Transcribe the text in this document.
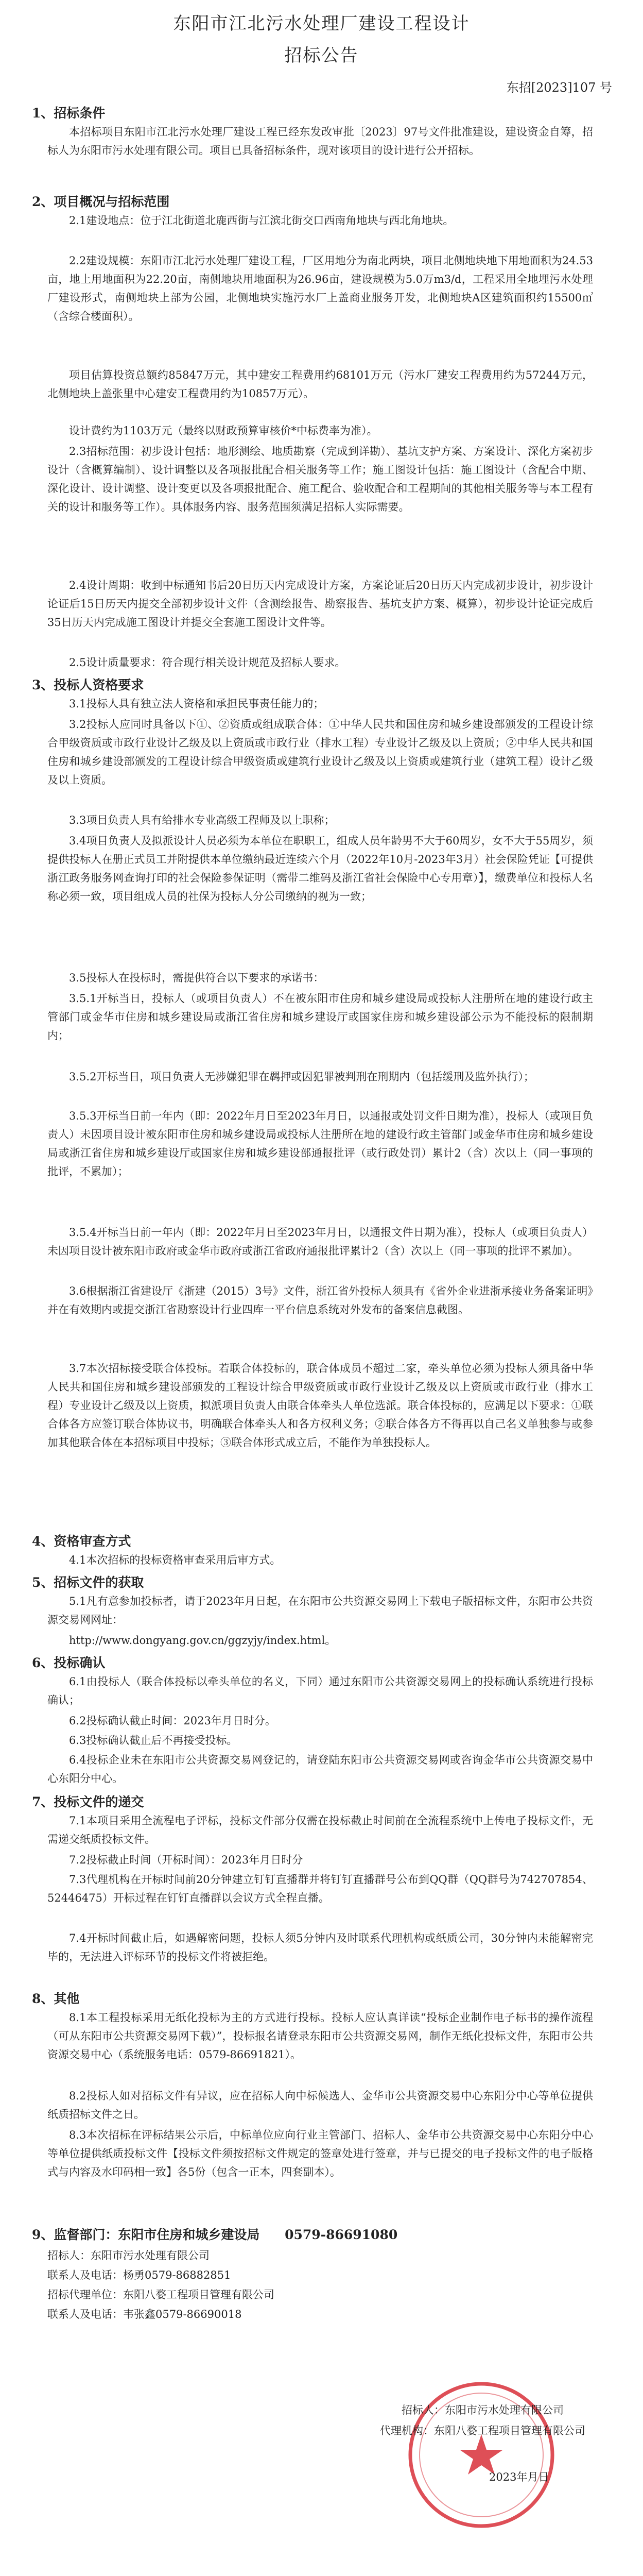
东阳市江北污水处理厂建设工程设计
招标公告
东招[2023]107 号
1、招标条件
本招标项目东阳市江北污水处理厂建设工程已经东发改审批〔2023〕97号文件批准建设，建设资金自筹，招标人为东阳市污水处理有限公司。项目已具备招标条件，现对该项目的设计进行公开招标。
2、项目概况与招标范围
2.1建设地点：位于江北街道北鹿西街与江滨北街交口西南角地块与西北角地块。
2.2建设规模：东阳市江北污水处理厂建设工程，厂区用地分为南北两块，项目北侧地块地下用地面积为24.53亩，地上用地面积为22.20亩，南侧地块用地面积为26.96亩，建设规模为5.0万m3/d，工程采用全地埋污水处理厂建设形式，南侧地块上部为公园，北侧地块实施污水厂上盖商业服务开发，北侧地块A区建筑面积约15500㎡（含综合楼面积）。
项目估算投资总额约85847万元，其中建安工程费用约68101万元（污水厂建安工程费用约为57244万元，北侧地块上盖张里中心建安工程费用约为10857万元）。
设计费约为1103万元（最终以财政预算审核价*中标费率为准）。
2.3招标范围：初步设计包括：地形测绘、地质勘察（完成到详勘）、基坑支护方案、方案设计、深化方案初步设计（含概算编制）、设计调整以及各项报批配合相关服务等工作；施工图设计包括：施工图设计（含配合中期、深化设计、设计调整、设计变更以及各项报批配合、施工配合、验收配合和工程期间的其他相关服务等与本工程有关的设计和服务等工作）。具体服务内容、服务范围须满足招标人实际需要。
2.4设计周期：收到中标通知书后20日历天内完成设计方案，方案论证后20日历天内完成初步设计，初步设计论证后15日历天内提交全部初步设计文件（含测绘报告、勘察报告、基坑支护方案、概算），初步设计论证完成后35日历天内完成施工图设计并提交全套施工图设计文件等。
2.5设计质量要求：符合现行相关设计规范及招标人要求。
3、投标人资格要求
3.1投标人具有独立法人资格和承担民事责任能力的；
3.2投标人应同时具备以下①、②资质或组成联合体：①中华人民共和国住房和城乡建设部颁发的工程设计综合甲级资质或市政行业设计乙级及以上资质或市政行业（排水工程）专业设计乙级及以上资质；②中华人民共和国住房和城乡建设部颁发的工程设计综合甲级资质或建筑行业设计乙级及以上资质或建筑行业（建筑工程）设计乙级及以上资质。
3.3项目负责人具有给排水专业高级工程师及以上职称；
3.4项目负责人及拟派设计人员必须为本单位在职职工，组成人员年龄男不大于60周岁，女不大于55周岁，须提供投标人在册正式员工并附提供本单位缴纳最近连续六个月（2022年10月-2023年3月）社会保险凭证【可提供浙江政务服务网查询打印的社会保险参保证明（需带二维码及浙江省社会保险中心专用章）】，缴费单位和投标人名称必须一致，项目组成人员的社保为投标人分公司缴纳的视为一致；
3.5投标人在投标时，需提供符合以下要求的承诺书：
3.5.1开标当日，投标人（或项目负责人）不在被东阳市住房和城乡建设局或投标人注册所在地的建设行政主管部门或金华市住房和城乡建设局或浙江省住房和城乡建设厅或国家住房和城乡建设部公示为不能投标的限制期内；
3.5.2开标当日，项目负责人无涉嫌犯罪在羁押或因犯罪被判刑在刑期内（包括缓刑及监外执行）；
3.5.3开标当日前一年内（即：2022年月日至2023年月日，以通报或处罚文件日期为准），投标人（或项目负责人）未因项目设计被东阳市住房和城乡建设局或投标人注册所在地的建设行政主管部门或金华市住房和城乡建设局或浙江省住房和城乡建设厅或国家住房和城乡建设部通报批评（或行政处罚）累计2（含）次以上（同一事项的批评，不累加）；
3.5.4开标当日前一年内（即：2022年月日至2023年月日，以通报文件日期为准），投标人（或项目负责人）未因项目设计被东阳市政府或金华市政府或浙江省政府通报批评累计2（含）次以上（同一事项的批评不累加）。
3.6根据浙江省建设厅《浙建（2015）3号》文件，浙江省外投标人须具有《省外企业进浙承接业务备案证明》并在有效期内或提交浙江省勘察设计行业四库一平台信息系统对外发布的备案信息截图。
3.7本次招标接受联合体投标。若联合体投标的，联合体成员不超过二家，牵头单位必须为投标人须具备中华人民共和国住房和城乡建设部颁发的工程设计综合甲级资质或市政行业设计乙级及以上资质或市政行业（排水工程）专业设计乙级及以上资质，拟派项目负责人由联合体牵头人单位选派。联合体投标的，应满足以下要求：①联合体各方应签订联合体协议书，明确联合体牵头人和各方权利义务；②联合体各方不得再以自己名义单独参与或参加其他联合体在本招标项目中投标；③联合体形式成立后，不能作为单独投标人。
4、资格审查方式
4.1本次招标的投标资格审查采用后审方式。
5、招标文件的获取
5.1凡有意参加投标者，请于2023年月日起，在东阳市公共资源交易网上下载电子版招标文件，东阳市公共资源交易网网址：
http://www.dongyang.gov.cn/ggzyjy/index.html。
6、投标确认
6.1由投标人（联合体投标以牵头单位的名义，下同）通过东阳市公共资源交易网上的投标确认系统进行投标确认；
6.2投标确认截止时间：2023年月日时分。
6.3投标确认截止后不再接受投标。
6.4投标企业未在东阳市公共资源交易网登记的，请登陆东阳市公共资源交易网或咨询金华市公共资源交易中心东阳分中心。
7、投标文件的递交
7.1本项目采用全流程电子评标，投标文件部分仅需在投标截止时间前在全流程系统中上传电子投标文件，无需递交纸质投标文件。
7.2投标截止时间（开标时间）：2023年月日时分
7.3代理机构在开标时间前20分钟建立钉钉直播群并将钉钉直播群号公布到QQ群（QQ群号为742707854、52446475）开标过程在钉钉直播群以会议方式全程直播。
7.4开标时间截止后，如遇解密问题，投标人须5分钟内及时联系代理机构或纸质公司，30分钟内未能解密完毕的，无法进入评标环节的投标文件将被拒绝。
8、其他
8.1本工程投标采用无纸化投标为主的方式进行投标。投标人应认真详读“投标企业制作电子标书的操作流程（可从东阳市公共资源交易网下载）”，投标报名请登录东阳市公共资源交易网，制作无纸化投标文件，东阳市公共资源交易中心（系统服务电话：0579-86691821）。
8.2投标人如对招标文件有异议，应在招标人向中标候选人、金华市公共资源交易中心东阳分中心等单位提供纸质招标文件之日。
8.3本次招标在评标结果公示后，中标单位应向行业主管部门、招标人、金华市公共资源交易中心东阳分中心等单位提供纸质投标文件【投标文件须按招标文件规定的签章处进行签章，并与已提交的电子投标文件的电子版格式与内容及水印码相一致】各5份（包含一正本，四套副本）。
9、监督部门：东阳市住房和城乡建设局 0579-86691080
招标人：东阳市污水处理有限公司
联系人及电话：杨勇0579-86882851
招标代理单位：东阳八婺工程项目管理有限公司
联系人及电话：韦张鑫0579-86690018
招标人：东阳市污水处理有限公司
代理机构：东阳八婺工程项目管理有限公司
2023年月日
